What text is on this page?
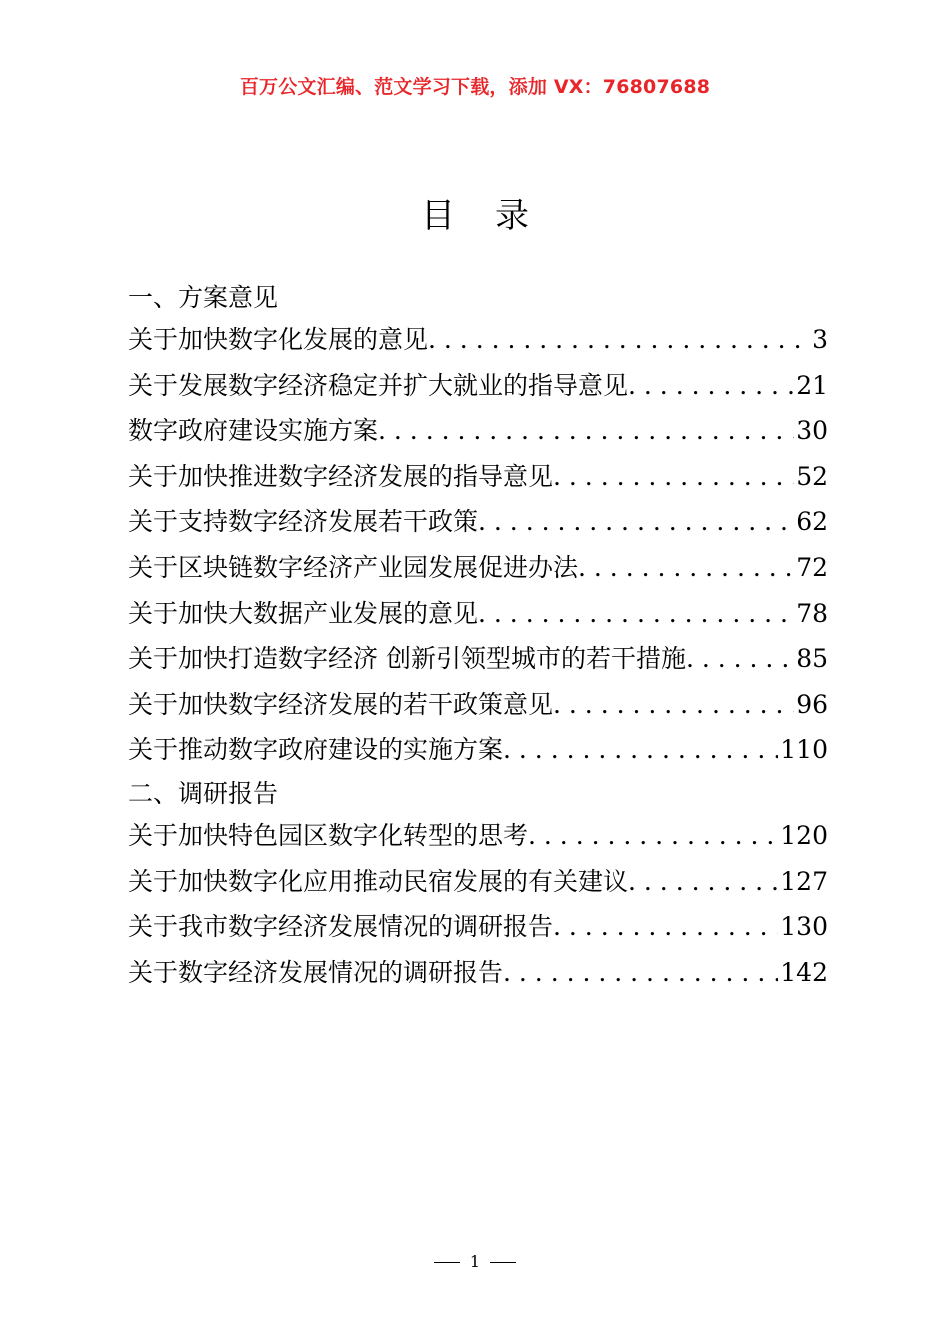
百万公文汇编、范文学习下载，添加 VX：76807688
目 录
一、方案意见
关于加快数字化发展的意见 . . .	3
关于发展数字经济稳定并扩大就业的指导意见 . . .	21
数字政府建设实施方案 . . .	30
关于加快推进数字经济发展的指导意见 . . .	52
关于支持数字经济发展若干政策 . . .	62
关于区块链数字经济产业园发展促进办法 . . .	72
关于加快大数据产业发展的意见 . . .	78
关于加快打造数字经济 创新引领型城市的若干措施 . . .	85
关于加快数字经济发展的若干政策意见 . . .	96
关于推动数字政府建设的实施方案 . . .	110
二、调研报告
关于加快特色园区数字化转型的思考 . . .	120
关于加快数字化应用推动民宿发展的有关建议 . . .	127
关于我市数字经济发展情况的调研报告 . . .	130
关于数字经济发展情况的调研报告 . . .	142
1
